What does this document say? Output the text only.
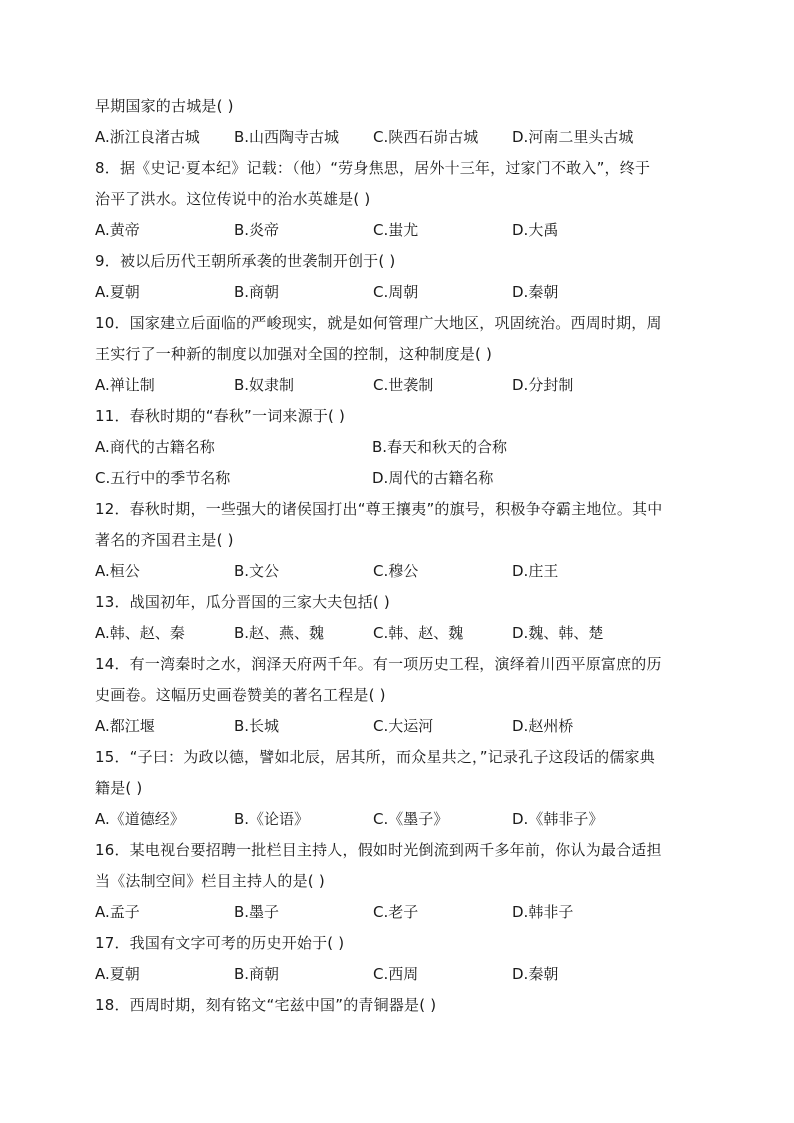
早期国家的古城是( )
A.浙江良渚古城	B.山西陶寺古城	C.陕西石峁古城	D.河南二里头古城
8．据《史记·夏本纪》记载：（他）“劳身焦思，居外十三年，过家门不敢入”，终于
治平了洪水。这位传说中的治水英雄是( )
A.黄帝	B.炎帝	C.蚩尤	D.大禹
9．被以后历代王朝所承袭的世袭制开创于( )
A.夏朝	B.商朝	C.周朝	D.秦朝
10．国家建立后面临的严峻现实，就是如何管理广大地区，巩固统治。西周时期，周
王实行了一种新的制度以加强对全国的控制，这种制度是( )
A.禅让制	B.奴隶制	C.世袭制	D.分封制
11．春秋时期的“春秋”一词来源于( )
A.商代的古籍名称	B.春天和秋天的合称
C.五行中的季节名称	D.周代的古籍名称
12．春秋时期，一些强大的诸侯国打出“尊王攘夷”的旗号，积极争夺霸主地位。其中
著名的齐国君主是( )
A.桓公	B.文公	C.穆公	D.庄王
13．战国初年，瓜分晋国的三家大夫包括( )
A.韩、赵、秦	B.赵、燕、魏	C.韩、赵、魏	D.魏、韩、楚
14．有一湾秦时之水，润泽天府两千年。有一项历史工程，演绎着川西平原富庶的历
史画卷。这幅历史画卷赞美的著名工程是( )
A.都江堰	B.长城	C.大运河	D.赵州桥
15．“子曰：为政以德，譬如北辰，居其所，而众星共之，”记录孔子这段话的儒家典
籍是( )
A.《道德经》	B.《论语》	C.《墨子》	D.《韩非子》
16．某电视台要招聘一批栏目主持人，假如时光倒流到两千多年前，你认为最合适担
当《法制空间》栏目主持人的是( )
A.孟子	B.墨子	C.老子	D.韩非子
17．我国有文字可考的历史开始于( )
A.夏朝	B.商朝	C.西周	D.秦朝
18．西周时期，刻有铭文“宅兹中国”的青铜器是( )
